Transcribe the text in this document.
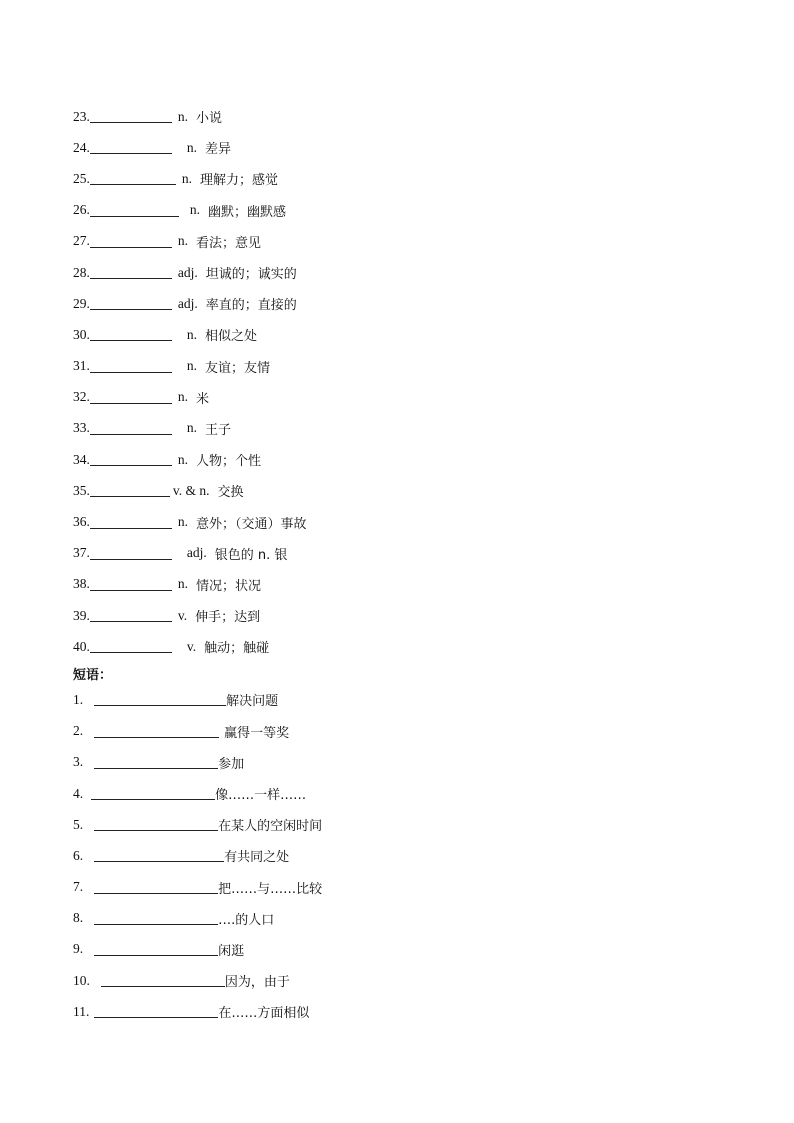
23.	n. 小说
24.	n. 差异
25.	n. 理解力；感觉
26.	n. 幽默；幽默感
27.	n. 看法；意见
28.	adj. 坦诚的；诚实的
29.	adj. 率直的；直接的
30.	n. 相似之处
31.	n. 友谊；友情
32.	n. 米
33.	n. 王子
34.	n. 人物；个性
35.	v. & n. 交换
36.	n. 意外；（交通）事故
37.	adj. 银色的 n. 银
38.	n. 情况；状况
39.	v. 伸手；达到
40.	v. 触动；触碰
短语：
1.	解决问题
2.	赢得一等奖
3.	参加
4.	像……一样……
5.	在某人的空闲时间
6.	有共同之处
7.	把……与……比较
8.	….的人口
9.	闲逛
10.	因为，由于
11.	在……方面相似
